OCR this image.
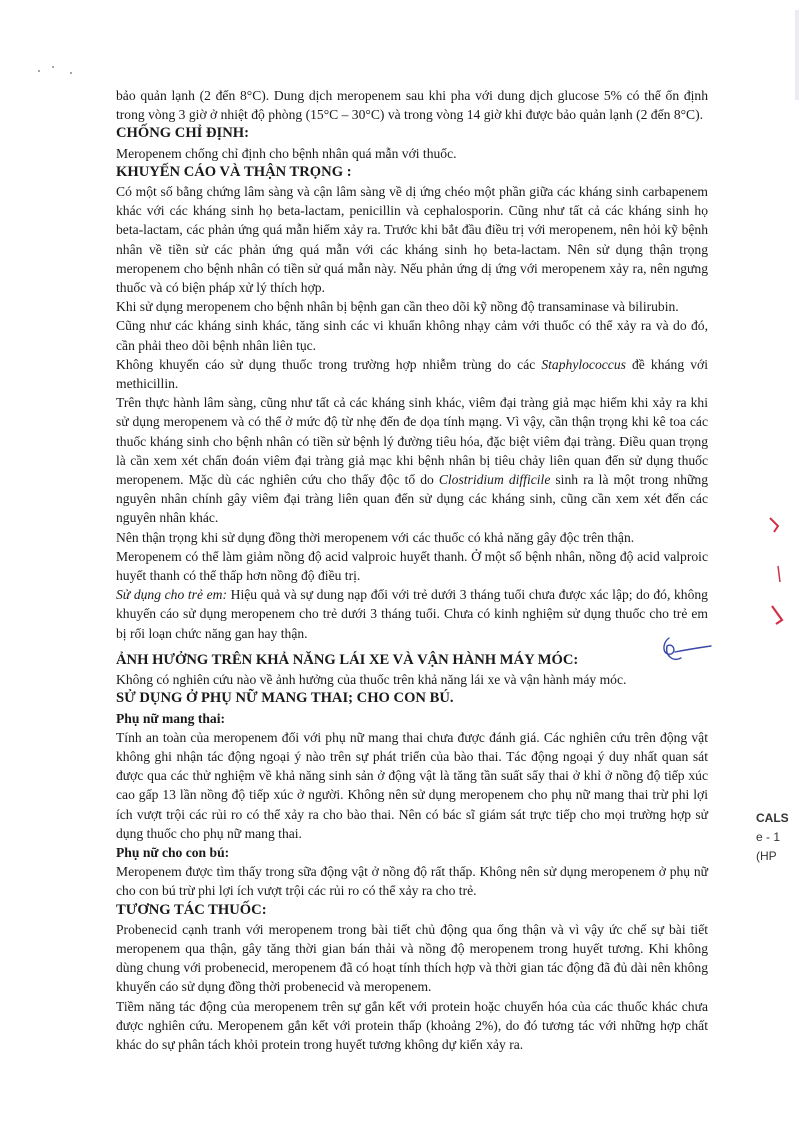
bảo quản lạnh (2 đến 8°C). Dung dịch meropenem sau khi pha với dung dịch glucose 5% có thể ổn định trong vòng 3 giờ ở nhiệt độ phòng (15°C – 30°C) và trong vòng 14 giờ khi được bảo quản lạnh (2 đến 8°C).

CHỐNG CHỈ ĐỊNH:

Meropenem chống chỉ định cho bệnh nhân quá mẫn với thuốc.

KHUYẾN CÁO VÀ THẬN TRỌNG :

Có một số bằng chứng lâm sàng và cận lâm sàng về dị ứng chéo một phần giữa các kháng sinh carbapenem khác với các kháng sinh họ beta-lactam, penicillin và cephalosporin. Cũng như tất cả các kháng sinh họ beta-lactam, các phản ứng quá mẫn hiếm xảy ra. Trước khi bắt đầu điều trị với meropenem, nên hỏi kỹ bệnh nhân về tiền sử các phản ứng quá mẫn với các kháng sinh họ beta-lactam. Nên sử dụng thận trọng meropenem cho bệnh nhân có tiền sử quá mẫn này. Nếu phản ứng dị ứng với meropenem xảy ra, nên ngưng thuốc và có biện pháp xử lý thích hợp.

Khi sử dụng meropenem cho bệnh nhân bị bệnh gan cần theo dõi kỹ nồng độ transaminase và bilirubin.

Cũng như các kháng sinh khác, tăng sinh các vi khuẩn không nhạy cảm với thuốc có thể xảy ra và do đó, cần phải theo dõi bệnh nhân liên tục.

Không khuyến cáo sử dụng thuốc trong trường hợp nhiễm trùng do các Staphylococcus đề kháng với methicillin.

Trên thực hành lâm sàng, cũng như tất cả các kháng sinh khác, viêm đại tràng giả mạc hiếm khi xảy ra khi sử dụng meropenem và có thể ở mức độ từ nhẹ đến đe dọa tính mạng. Vì vậy, cần thận trọng khi kê toa các thuốc kháng sinh cho bệnh nhân có tiền sử bệnh lý đường tiêu hóa, đặc biệt viêm đại tràng. Điều quan trọng là cần xem xét chẩn đoán viêm đại tràng giả mạc khi bệnh nhân bị tiêu chảy liên quan đến sử dụng thuốc meropenem. Mặc dù các nghiên cứu cho thấy độc tố do Clostridium difficile sinh ra là một trong những nguyên nhân chính gây viêm đại tràng liên quan đến sử dụng các kháng sinh, cũng cần xem xét đến các nguyên nhân khác.

Nên thận trọng khi sử dụng đồng thời meropenem với các thuốc có khả năng gây độc trên thận.

Meropenem có thể làm giảm nồng độ acid valproic huyết thanh. Ở một số bệnh nhân, nồng độ acid valproic huyết thanh có thể thấp hơn nồng độ điều trị.

Sử dụng cho trẻ em: Hiệu quả và sự dung nạp đối với trẻ dưới 3 tháng tuổi chưa được xác lập; do đó, không khuyến cáo sử dụng meropenem cho trẻ dưới 3 tháng tuổi. Chưa có kinh nghiệm sử dụng thuốc cho trẻ em bị rối loạn chức năng gan hay thận.

ẢNH HƯỞNG TRÊN KHẢ NĂNG LÁI XE VÀ VẬN HÀNH MÁY MÓC:

Không có nghiên cứu nào về ảnh hưởng của thuốc trên khả năng lái xe và vận hành máy móc.

SỬ DỤNG Ở PHỤ NỮ MANG THAI; CHO CON BÚ.

Phụ nữ mang thai:

Tính an toàn của meropenem đối với phụ nữ mang thai chưa được đánh giá. Các nghiên cứu trên động vật không ghi nhận tác động ngoại ý nào trên sự phát triển của bào thai. Tác động ngoại ý duy nhất quan sát được qua các thử nghiệm về khả năng sinh sản ở động vật là tăng tần suất sẩy thai ở khỉ ở nồng độ tiếp xúc cao gấp 13 lần nồng độ tiếp xúc ở người. Không nên sử dụng meropenem cho phụ nữ mang thai trừ phi lợi ích vượt trội các rủi ro có thể xảy ra cho bào thai. Nên có bác sĩ giám sát trực tiếp cho mọi trường hợp sử dụng thuốc cho phụ nữ mang thai.

Phụ nữ cho con bú:

Meropenem được tìm thấy trong sữa động vật ở nồng độ rất thấp. Không nên sử dụng meropenem ở phụ nữ cho con bú trừ phi lợi ích vượt trội các rủi ro có thể xảy ra cho trẻ.

TƯƠNG TÁC THUỐC:

Probenecid cạnh tranh với meropenem trong bài tiết chủ động qua ống thận và vì vậy ức chế sự bài tiết meropenem qua thận, gây tăng thời gian bán thải và nồng độ meropenem trong huyết tương. Khi không dùng chung với probenecid, meropenem đã có hoạt tính thích hợp và thời gian tác động đã đủ dài nên không khuyến cáo sử dụng đồng thời probenecid và meropenem.

Tiềm năng tác động của meropenem trên sự gắn kết với protein hoặc chuyển hóa của các thuốc khác chưa được nghiên cứu. Meropenem gắn kết với protein thấp (khoảng 2%), do đó tương tác với những hợp chất khác do sự phân tách khỏi protein trong huyết tương không dự kiến xảy ra.

CALS
e - 1
(HP
